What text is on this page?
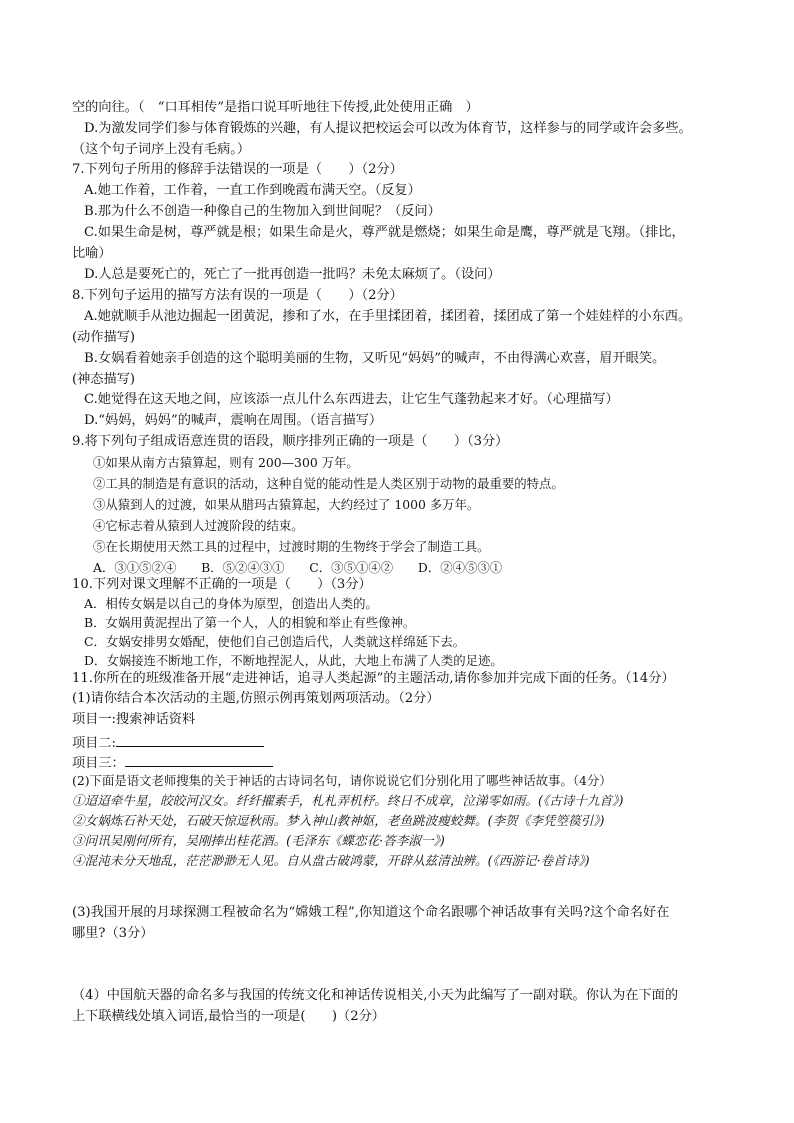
空的向往。（　“口耳相传”是指口说耳听地往下传授,此处使用正确　）
D.为激发同学们参与体育锻炼的兴趣，有人提议把校运会可以改为体育节，这样参与的同学或许会多些。
（这个句子词序上没有毛病。）
7.下列句子所用的修辞手法错误的一项是（　　）（2分）
A.她工作着，工作着，一直工作到晚霞布满天空。（反复）
B.那为什么不创造一种像自己的生物加入到世间呢？（反问）
C.如果生命是树，尊严就是根；如果生命是火，尊严就是燃烧；如果生命是鹰，尊严就是飞翔。（排比，
比喻）
D.人总是要死亡的，死亡了一批再创造一批吗？未免太麻烦了。（设问）
8.下列句子运用的描写方法有误的一项是（　　）（2分）
A.她就顺手从池边掘起一团黄泥，掺和了水，在手里揉团着，揉团着，揉团成了第一个娃娃样的小东西。
(动作描写)
B.女娲看着她亲手创造的这个聪明美丽的生物，又听见“妈妈”的喊声，不由得满心欢喜，眉开眼笑。
(神态描写)
C.她觉得在这天地之间，应该添一点儿什么东西进去，让它生气蓬勃起来才好。（心理描写）
D.“妈妈，妈妈”的喊声，震响在周围。（语言描写）
9.将下列句子组成语意连贯的语段，顺序排列正确的一项是（　　）（3分）
①如果从南方古猿算起，则有 200—300 万年。
②工具的制造是有意识的活动，这种自觉的能动性是人类区别于动物的最重要的特点。
③从猿到人的过渡，如果从腊玛古猿算起，大约经过了 1000 多万年。
④它标志着从猿到人过渡阶段的结束。
⑤在长期使用天然工具的过程中，过渡时期的生物终于学会了制造工具。
A．③①⑤②④　　B．⑤②④③①　　C．③⑤①④②　　D．②④⑤③①
10.下列对课文理解不正确的一项是（　　）（3分）
A．相传女娲是以自己的身体为原型，创造出人类的。
B．女娲用黄泥捏出了第一个人，人的相貌和举止有些像神。
C．女娲安排男女婚配，使他们自己创造后代，人类就这样绵延下去。
D．女娲接连不断地工作，不断地捏泥人，从此，大地上布满了人类的足迹。
11.你所在的班级准备开展“走进神话，追寻人类起源”的主题活动,请你参加并完成下面的任务。（14分）
(1)请你结合本次活动的主题,仿照示例再策划两项活动。（2分）
项目一:搜索神话资料
项目二:
项目三：
(2)下面是语文老师搜集的关于神话的古诗词名句，请你说说它们分别化用了哪些神话故事。（4分）
①迢迢牵牛星，皎皎河汉女。纤纤擢素手，札札弄机杼。终日不成章，泣涕零如雨。(《古诗十九首》)
②女娲炼石补天处，石破天惊逗秋雨。梦入神山教神妪，老鱼跳波瘦蛟舞。(李贺《李凭箜篌引》)
③问讯吴刚何所有，吴刚捧出桂花酒。(毛泽东《蝶恋花·答李淑一》)
④混沌未分天地乱，茫茫渺渺无人见。自从盘古破鸿蒙，开辟从兹清浊辨。(《西游记·卷首诗》)
(3)我国开展的月球探测工程被命名为“嫦娥工程”,你知道这个命名跟哪个神话故事有关吗?这个命名好在
哪里?（3分）
（4）中国航天器的命名多与我国的传统文化和神话传说相关,小天为此编写了一副对联。你认为在下面的
上下联横线处填入词语,最恰当的一项是(　　)（2分）
